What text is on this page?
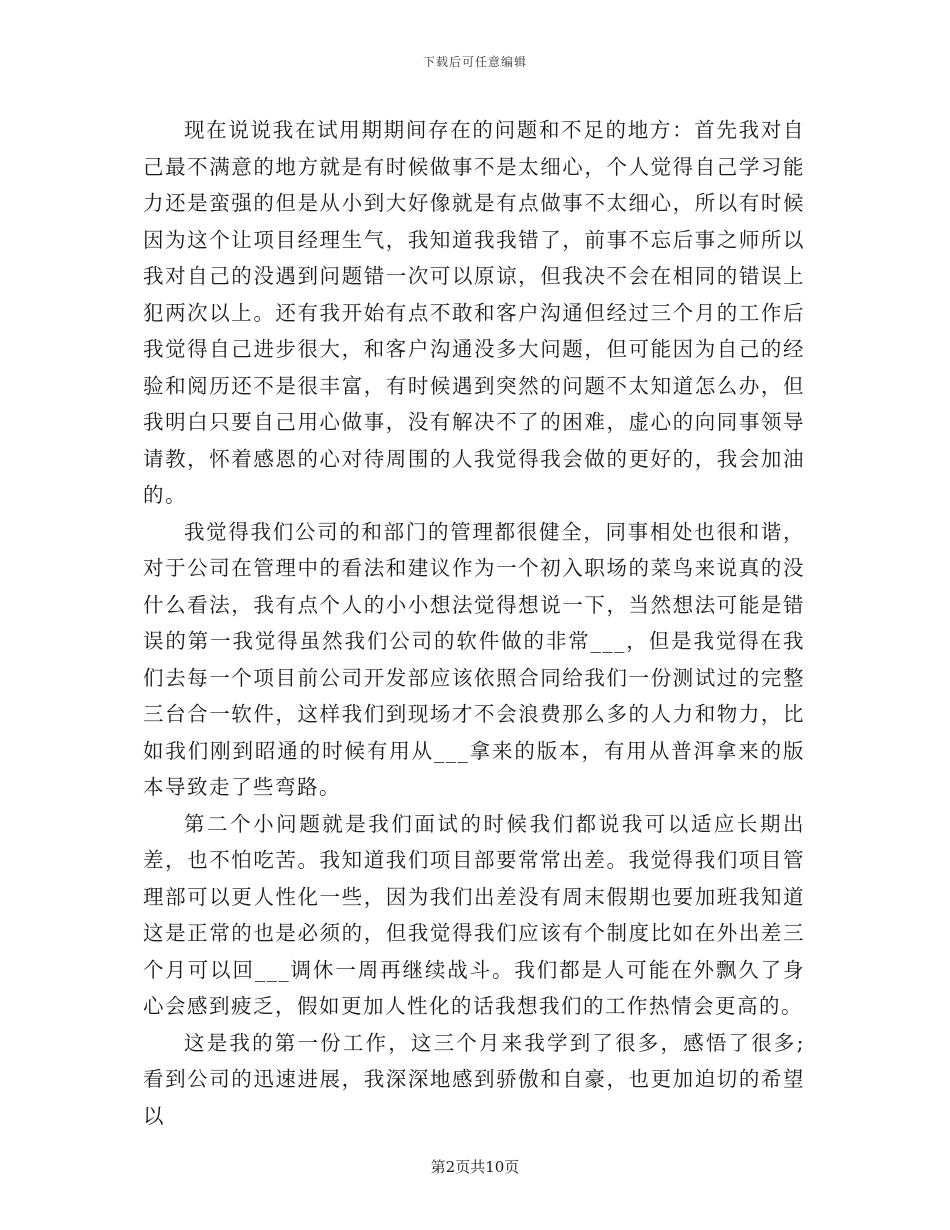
下载后可任意编辑

现在说说我在试用期期间存在的问题和不足的地方：首先我对自己最不满意的地方就是有时候做事不是太细心，个人觉得自己学习能力还是蛮强的但是从小到大好像就是有点做事不太细心，所以有时候因为这个让项目经理生气，我知道我我错了，前事不忘后事之师所以我对自己的没遇到问题错一次可以原谅，但我决不会在相同的错误上犯两次以上。还有我开始有点不敢和客户沟通但经过三个月的工作后我觉得自己进步很大，和客户沟通没多大问题，但可能因为自己的经验和阅历还不是很丰富，有时候遇到突然的问题不太知道怎么办，但我明白只要自己用心做事，没有解决不了的困难，虚心的向同事领导请教，怀着感恩的心对待周围的人我觉得我会做的更好的，我会加油的。

我觉得我们公司的和部门的管理都很健全，同事相处也很和谐，对于公司在管理中的看法和建议作为一个初入职场的菜鸟来说真的没什么看法，我有点个人的小小想法觉得想说一下，当然想法可能是错误的第一我觉得虽然我们公司的软件做的非常___，但是我觉得在我们去每一个项目前公司开发部应该依照合同给我们一份测试过的完整三台合一软件，这样我们到现场才不会浪费那么多的人力和物力，比如我们刚到昭通的时候有用从___拿来的版本，有用从普洱拿来的版本导致走了些弯路。

第二个小问题就是我们面试的时候我们都说我可以适应长期出差，也不怕吃苦。我知道我们项目部要常常出差。我觉得我们项目管理部可以更人性化一些，因为我们出差没有周末假期也要加班我知道这是正常的也是必须的，但我觉得我们应该有个制度比如在外出差三个月可以回___调休一周再继续战斗。我们都是人可能在外飘久了身心会感到疲乏，假如更加人性化的话我想我们的工作热情会更高的。

这是我的第一份工作，这三个月来我学到了很多，感悟了很多;看到公司的迅速进展，我深深地感到骄傲和自豪，也更加迫切的希望以

第2页共10页
